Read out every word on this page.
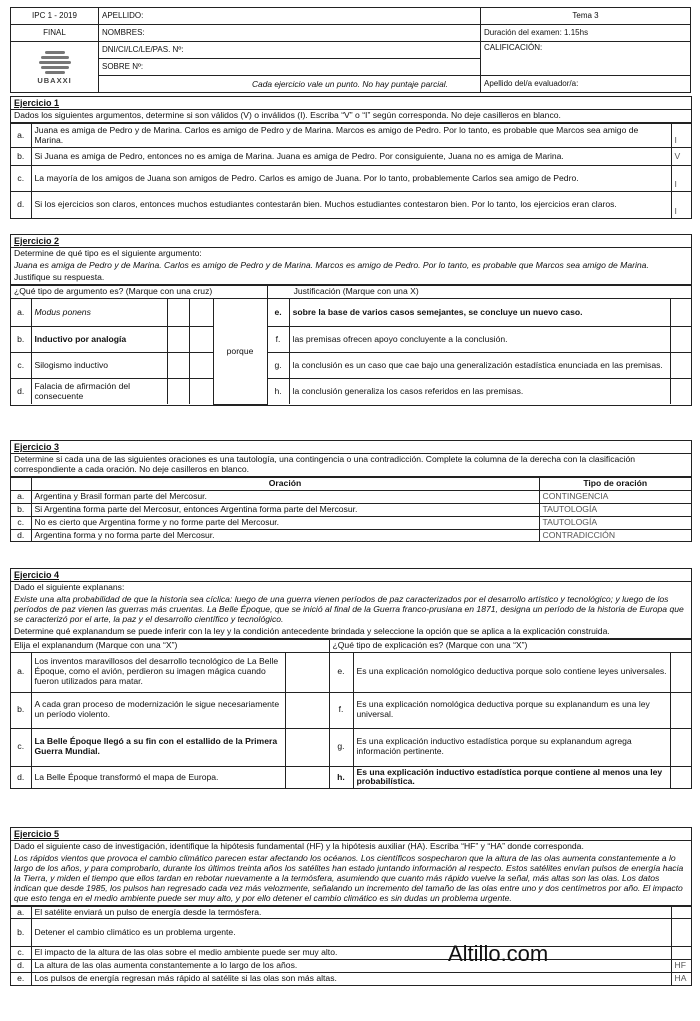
IPC 1 - 2019	APELLIDO:	Tema 3
FINAL	NOMBRES:	Duración del examen: 1.15hs

UBAXXI	DNI/CI/LC/LE/PAS. Nº:	CALIFICACIÓN:
	SOBRE Nº:	
		Apellido del/a evaluador/a:
Cada ejercicio vale un punto. No hay puntaje parcial.
Ejercicio 1
Dados los siguientes argumentos, determine si son válidos (V) o inválidos (I). Escriba “V” o “I” según corresponda. No deje casilleros en blanco.
a.	Juana es amiga de Pedro y de Marina. Carlos es amigo de Pedro y de Marina. Marcos es amigo de Pedro. Por lo tanto, es probable que Marcos sea amigo de Marina.	I
b.	Si Juana es amiga de Pedro, entonces no es amiga de Marina. Juana es amiga de Pedro. Por consiguiente, Juana no es amiga de Marina.	V
c.	La mayoría de los amigos de Juana son amigos de Pedro. Carlos es amigo de Juana. Por lo tanto, probablemente Carlos sea amigo de Pedro.	I
d.	Si los ejercicios son claros, entonces muchos estudiantes contestarán bien. Muchos estudiantes contestaron bien. Por lo tanto, los ejercicios eran claros.	I
Ejercicio 2
Determine de qué tipo es el siguiente argumento:
Juana es amiga de Pedro y de Marina. Carlos es amigo de Pedro y de Marina. Marcos es amigo de Pedro. Por lo tanto, es probable que Marcos sea amigo de Marina.
Justifique su respuesta.
¿Qué tipo de argumento es? (Marque con una cruz)					Justificación (Marque con una X)		
a.	Modus ponens			porque	e.	sobre la base de varios casos semejantes, se concluye un nuevo caso.	
b.	Inductivo por analogía				f.	las premisas ofrecen apoyo concluyente a la conclusión.	
c.	Silogismo inductivo				g.	la conclusión es un caso que cae bajo una generalización estadística enunciada en las premisas.	
d.	Falacia de afirmación del consecuente				h.	la conclusión generaliza los casos referidos en las premisas.	
Ejercicio 3
Determine si cada una de las siguientes oraciones es una tautología, una contingencia o una contradicción. Complete la columna de la derecha con la clasificación correspondiente a cada oración. No deje casilleros en blanco.
	Oración	Tipo de oración
a.	Argentina y Brasil forman parte del Mercosur.	CONTINGENCIA
b.	Si Argentina forma parte del Mercosur, entonces Argentina forma parte del Mercosur.	TAUTOLOGÍA
c.	No es cierto que Argentina forme y no forme parte del Mercosur.	TAUTOLOGÍA
d.	Argentina forma y no forma parte del Mercosur.	CONTRADICCIÓN
Ejercicio 4
Dado el siguiente explanans:
Existe una alta probabilidad de que la historia sea cíclica: luego de una guerra vienen períodos de paz caracterizados por el desarrollo artístico y tecnológico; y luego de los períodos de paz vienen las guerras más cruentas. La Belle Époque, que se inició al final de la Guerra franco-prusiana en 1871, designa un período de la historia de Europa que se caracterizó por el arte, la paz y el desarrollo científico y tecnológico.
Determine qué explanandum se puede inferir con la ley y la condición antecedente brindada y seleccione la opción que se aplica a la explicación construida.
Elija el explanandum (Marque con una “X”)			¿Qué tipo de explicación es? (Marque con una “X”)		
a.	Los inventos maravillosos del desarrollo tecnológico de La Belle Époque, como el avión, perdieron su imagen mágica cuando fueron utilizados para matar.		e.	Es una explicación nomológico deductiva porque solo contiene leyes universales.	
b.	A cada gran proceso de modernización le sigue necesariamente un período violento.		f.	Es una explicación nomológica deductiva porque su explanandum es una ley universal.	
c.	La Belle Époque llegó a su fin con el estallido de la Primera Guerra Mundial.		g.	Es una explicación inductivo estadística porque su explanandum agrega información pertinente.	
d.	La Belle Époque transformó el mapa de Europa.		h.	Es una explicación inductivo estadística porque contiene al menos una ley probabilística.	
Ejercicio 5
Dado el siguiente caso de investigación, identifique la hipótesis fundamental (HF) y la hipótesis auxiliar (HA). Escriba “HF” y “HA” donde corresponda.
Los rápidos vientos que provoca el cambio climático parecen estar afectando los océanos. Los científicos sospecharon que la altura de las olas aumenta constantemente a lo largo de los años, y para comprobarlo, durante los últimos treinta años los satélites han estado juntando información al respecto. Estos satélites envían pulsos de energía hacia la Tierra, y miden el tiempo que ellos tardan en rebotar nuevamente a la termósfera, asumiendo que cuanto más rápido vuelve la señal, más altas son las olas. Los datos indican que desde 1985, los pulsos han regresado cada vez más velozmente, señalando un incremento del tamaño de las olas entre uno y dos centímetros por año. El impacto que esto tenga en el medio ambiente puede ser muy alto, y por ello detener el cambio climático es sin dudas un problema urgente.
a.	El satélite enviará un pulso de energía desde la termósfera.	
b.	Detener el cambio climático es un problema urgente.	
c.	El impacto de la altura de las olas sobre el medio ambiente puede ser muy alto.	
d.	La altura de las olas aumenta constantemente a lo largo de los años.	HF
e.	Los pulsos de energía regresan más rápido al satélite si las olas son más altas.	HA
Altillo.com
